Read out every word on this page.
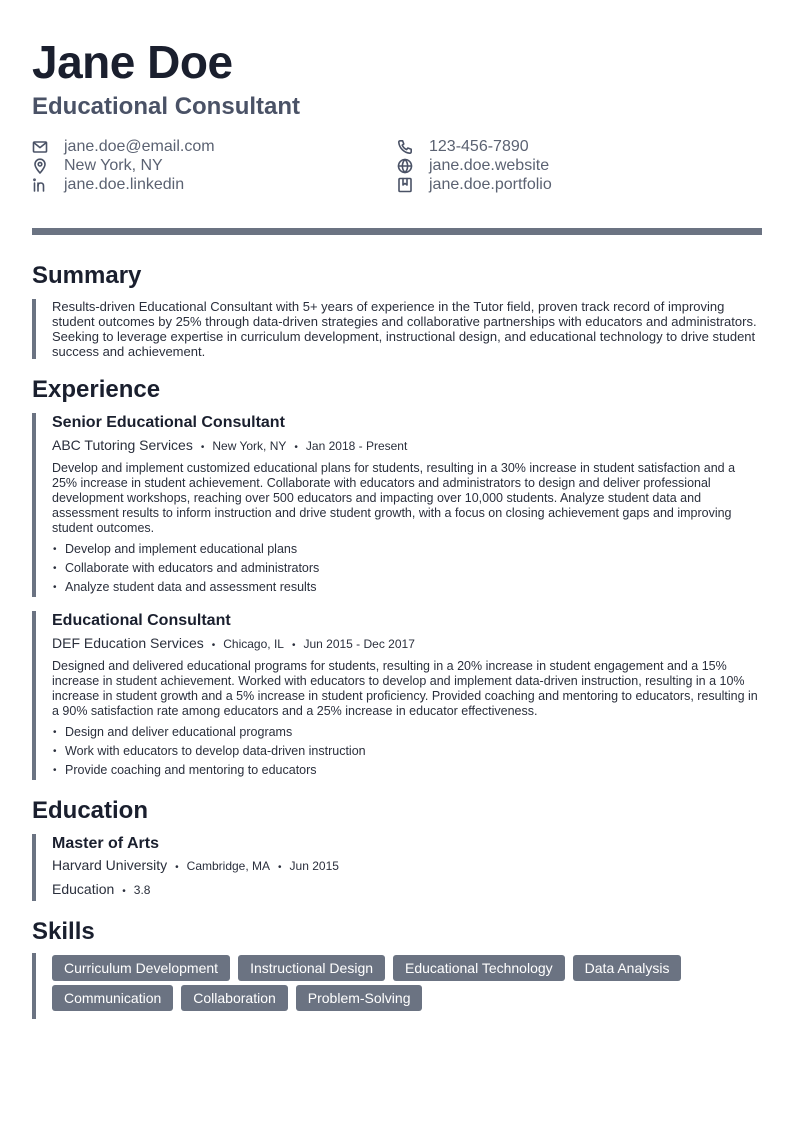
Jane Doe
Educational Consultant
jane.doe@email.com	123-456-7890
New York, NY	jane.doe.website
jane.doe.linkedin	jane.doe.portfolio
Summary
Results-driven Educational Consultant with 5+ years of experience in the Tutor field, proven track record of improving student outcomes by 25% through data-driven strategies and collaborative partnerships with educators and administrators. Seeking to leverage expertise in curriculum development, instructional design, and educational technology to drive student success and achievement.
Experience
Senior Educational Consultant
ABC Tutoring Services • New York, NY • Jan 2018 - Present
Develop and implement customized educational plans for students, resulting in a 30% increase in student satisfaction and a 25% increase in student achievement. Collaborate with educators and administrators to design and deliver professional development workshops, reaching over 500 educators and impacting over 10,000 students. Analyze student data and assessment results to inform instruction and drive student growth, with a focus on closing achievement gaps and improving student outcomes.
• Develop and implement educational plans
• Collaborate with educators and administrators
• Analyze student data and assessment results
Educational Consultant
DEF Education Services • Chicago, IL • Jun 2015 - Dec 2017
Designed and delivered educational programs for students, resulting in a 20% increase in student engagement and a 15% increase in student achievement. Worked with educators to develop and implement data-driven instruction, resulting in a 10% increase in student growth and a 5% increase in student proficiency. Provided coaching and mentoring to educators, resulting in a 90% satisfaction rate among educators and a 25% increase in educator effectiveness.
• Design and deliver educational programs
• Work with educators to develop data-driven instruction
• Provide coaching and mentoring to educators
Education
Master of Arts
Harvard University • Cambridge, MA • Jun 2015
Education • 3.8
Skills
Curriculum Development	Instructional Design	Educational Technology	Data Analysis
Communication	Collaboration	Problem-Solving
